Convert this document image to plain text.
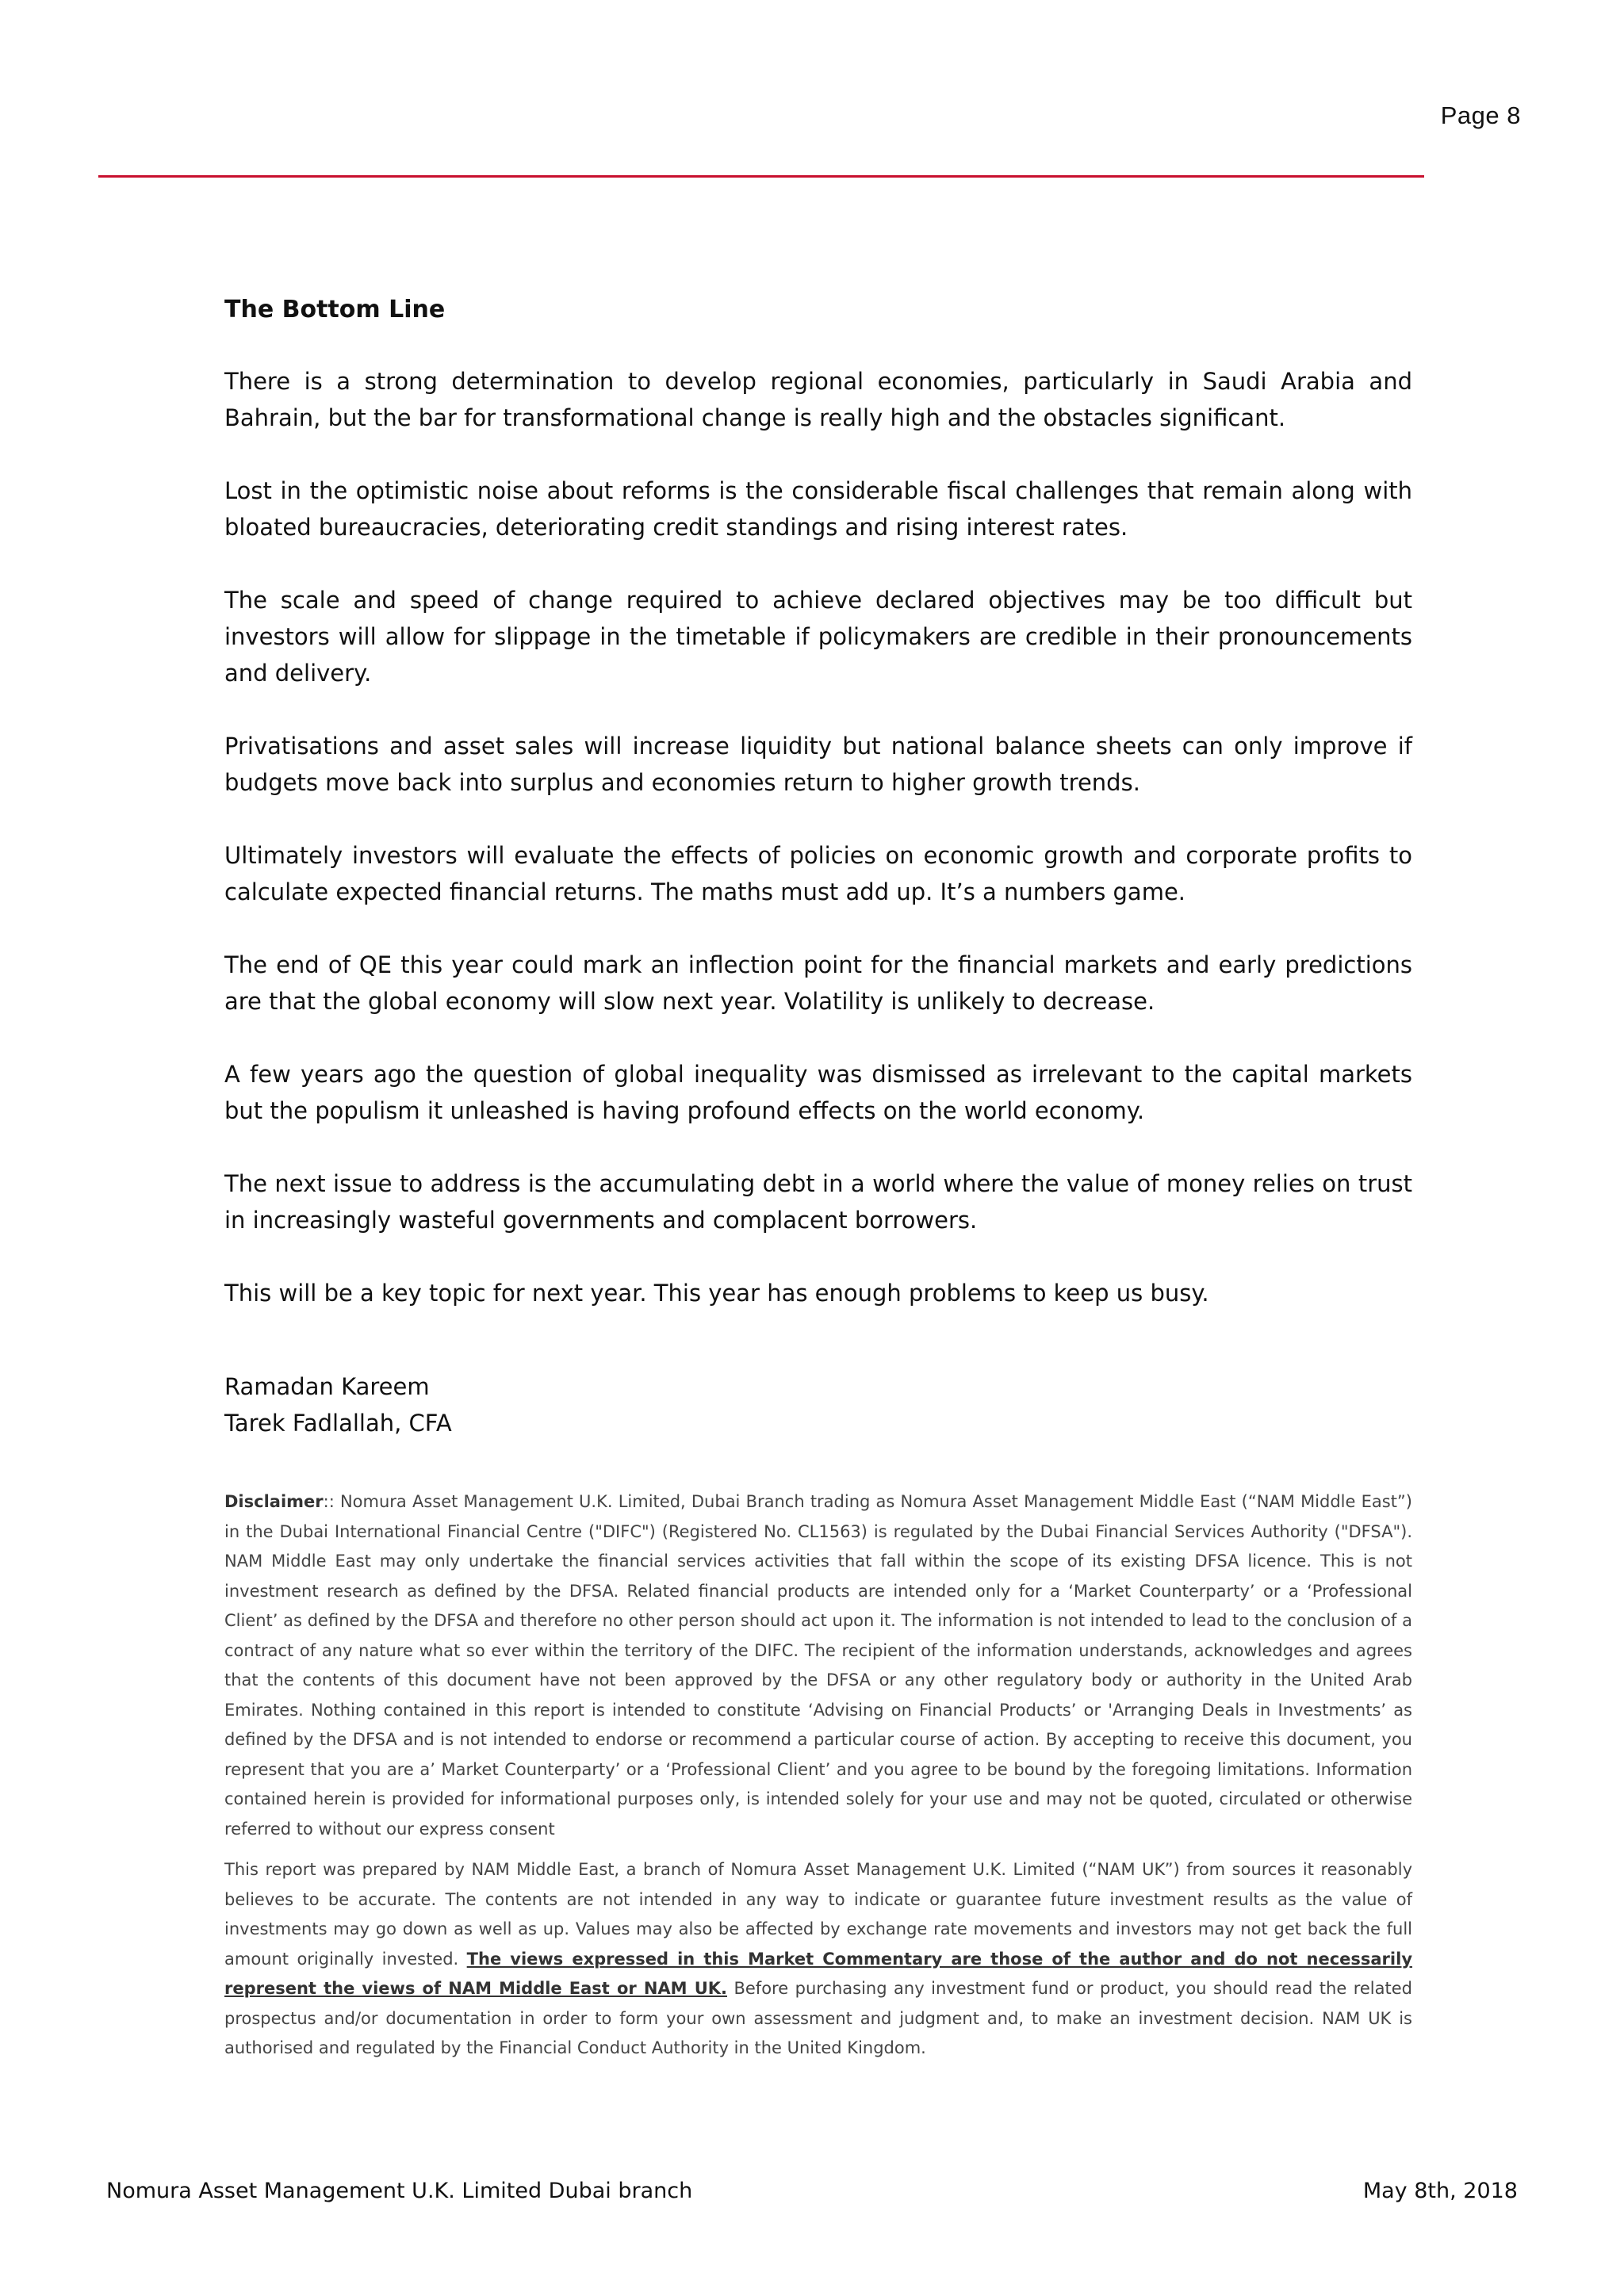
Page 8
The Bottom Line

There is a strong determination to develop regional economies, particularly in Saudi Arabia and Bahrain, but the bar for transformational change is really high and the obstacles significant.

Lost in the optimistic noise about reforms is the considerable fiscal challenges that remain along with bloated bureaucracies, deteriorating credit standings and rising interest rates.

The scale and speed of change required to achieve declared objectives may be too difficult but investors will allow for slippage in the timetable if policymakers are credible in their pronouncements and delivery.

Privatisations and asset sales will increase liquidity but national balance sheets can only improve if budgets move back into surplus and economies return to higher growth trends.

Ultimately investors will evaluate the effects of policies on economic growth and corporate profits to calculate expected financial returns. The maths must add up. It’s a numbers game.

The end of QE this year could mark an inflection point for the financial markets and early predictions are that the global economy will slow next year. Volatility is unlikely to decrease.

A few years ago the question of global inequality was dismissed as irrelevant to the capital markets but the populism it unleashed is having profound effects on the world economy.

The next issue to address is the accumulating debt in a world where the value of money relies on trust in increasingly wasteful governments and complacent borrowers.

This will be a key topic for next year. This year has enough problems to keep us busy.

Ramadan Kareem
Tarek Fadlallah, CFA

Disclaimer:: Nomura Asset Management U.K. Limited, Dubai Branch trading as Nomura Asset Management Middle East (“NAM Middle East”) in the Dubai International Financial Centre ("DIFC") (Registered No. CL1563) is regulated by the Dubai Financial Services Authority ("DFSA"). NAM Middle East may only undertake the financial services activities that fall within the scope of its existing DFSA licence. This is not investment research as defined by the DFSA. Related financial products are intended only for a ‘Market Counterparty’ or a ‘Professional Client’ as defined by the DFSA and therefore no other person should act upon it. The information is not intended to lead to the conclusion of a contract of any nature what so ever within the territory of the DIFC. The recipient of the information understands, acknowledges and agrees that the contents of this document have not been approved by the DFSA or any other regulatory body or authority in the United Arab Emirates. Nothing contained in this report is intended to constitute ‘Advising on Financial Products’ or 'Arranging Deals in Investments’ as defined by the DFSA and is not intended to endorse or recommend a particular course of action. By accepting to receive this document, you represent that you are a’ Market Counterparty’ or a ‘Professional Client’ and you agree to be bound by the foregoing limitations. Information contained herein is provided for informational purposes only, is intended solely for your use and may not be quoted, circulated or otherwise referred to without our express consent

This report was prepared by NAM Middle East, a branch of Nomura Asset Management U.K. Limited (“NAM UK”) from sources it reasonably believes to be accurate. The contents are not intended in any way to indicate or guarantee future investment results as the value of investments may go down as well as up. Values may also be affected by exchange rate movements and investors may not get back the full amount originally invested. The views expressed in this Market Commentary are those of the author and do not necessarily represent the views of NAM Middle East or NAM UK. Before purchasing any investment fund or product, you should read the related prospectus and/or documentation in order to form your own assessment and judgment and, to make an investment decision. NAM UK is authorised and regulated by the Financial Conduct Authority in the United Kingdom.

Nomura Asset Management U.K. Limited Dubai branch	May 8th, 2018
